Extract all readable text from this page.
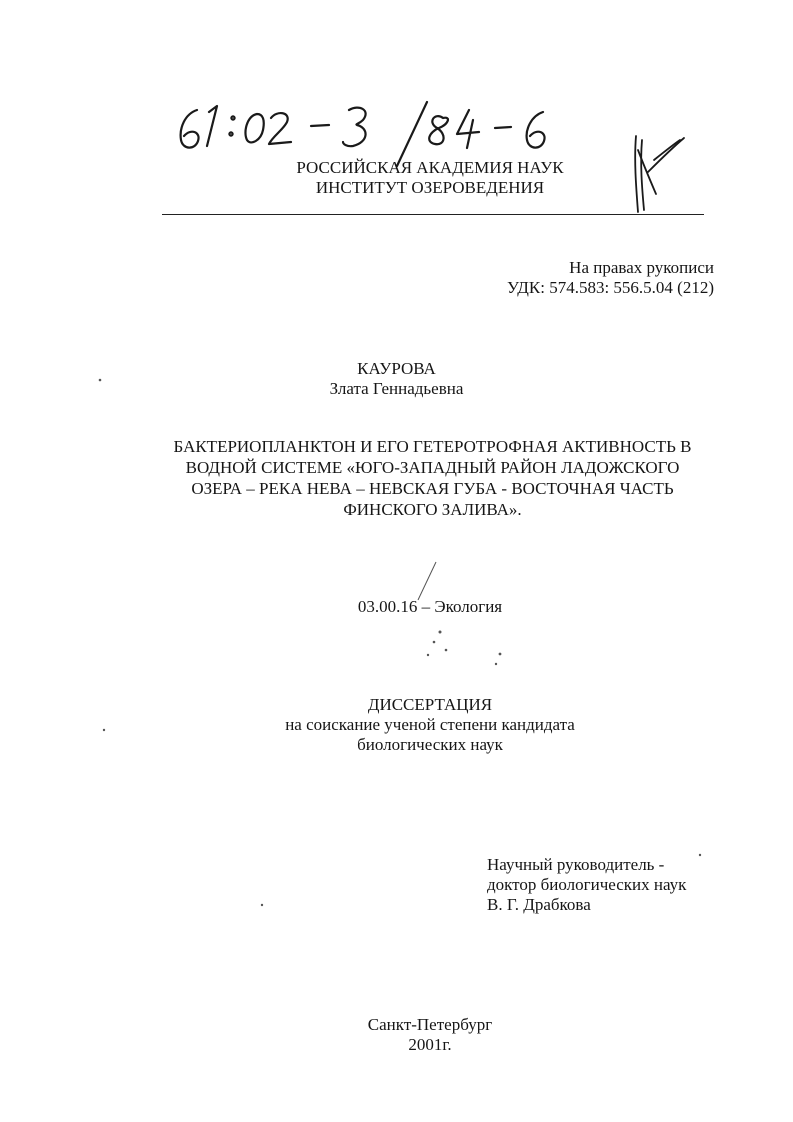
РОССИЙСКАЯ АКАДЕМИЯ НАУК
ИНСТИТУТ ОЗЕРОВЕДЕНИЯ
На правах рукописи
УДК: 574.583: 556.5.04 (212)
КАУРОВА
Злата Геннадьевна
БАКТЕРИОПЛАНКТОН И ЕГО ГЕТЕРОТРОФНАЯ АКТИВНОСТЬ В
ВОДНОЙ СИСТЕМЕ «ЮГО-ЗАПАДНЫЙ РАЙОН ЛАДОЖСКОГО
ОЗЕРА – РЕКА НЕВА – НЕВСКАЯ ГУБА - ВОСТОЧНАЯ ЧАСТЬ
ФИНСКОГО ЗАЛИВА».
03.00.16 – Экология
ДИССЕРТАЦИЯ
на соискание ученой степени кандидата
биологических наук
Научный руководитель -
доктор биологических наук
В. Г. Драбкова
Санкт-Петербург
2001г.
